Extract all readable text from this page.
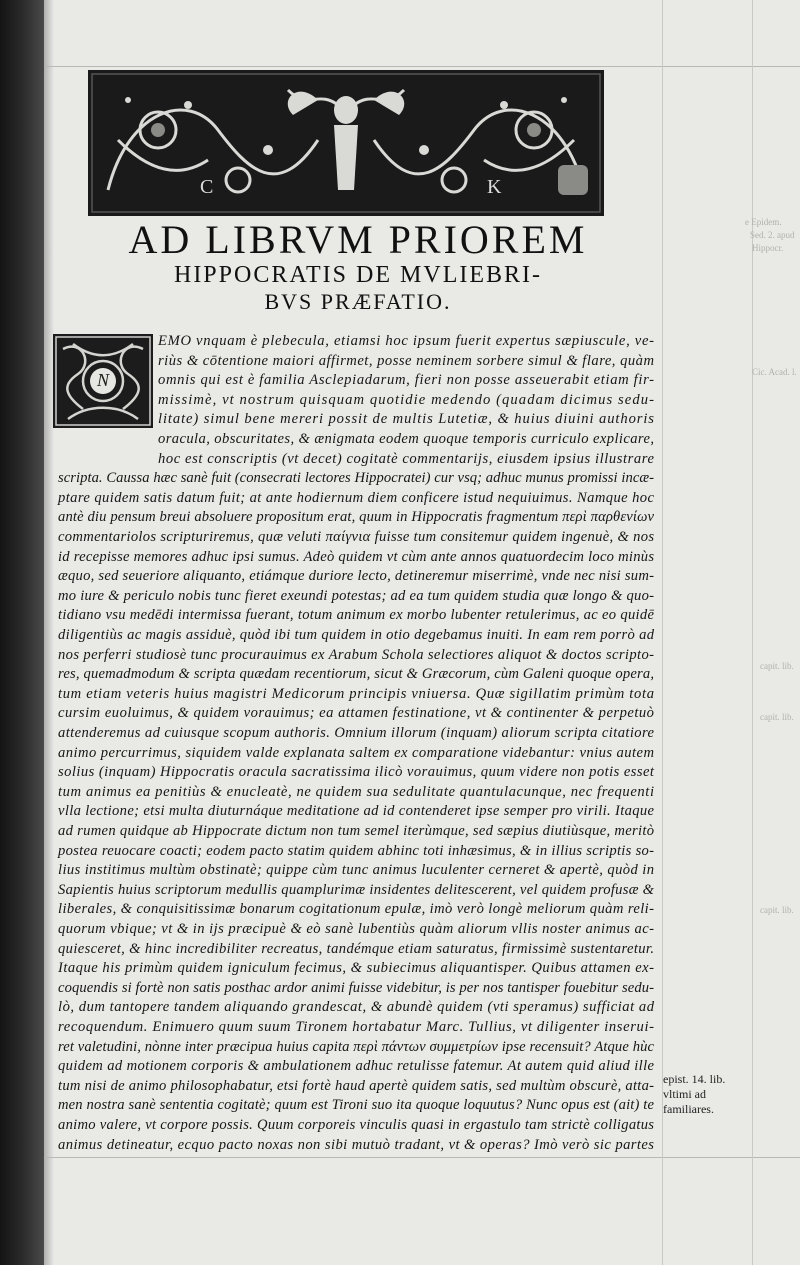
e Epidem.
Sed. 2. apud
Hippocr.
Cic. Acad. l.
capit. lib.
capit. lib.
capit. lib.
C	K
AD LIBRVM PRIOREM
HIPPOCRATIS DE MVLIEBRI-
BVS PRÆFATIO.
N
EMO vnquam è plebecula, etiamsi hoc ipsum fuerit expertus sæpiuscule, ve-
riùs & cōtentione maiori affirmet, posse neminem sorbere simul & flare, quàm
omnis qui est è familia Asclepiadarum, fieri non posse asseuerabit etiam fir-
missimè, vt nostrum quisquam quotidie medendo (quadam dicimus sedu-
litate) simul bene mereri possit de multis Lutetiæ, & huius diuini authoris
oracula, obscuritates, & ænigmata eodem quoque temporis curriculo explicare,
hoc est conscriptis (vt decet) cogitatè commentarijs, eiusdem ipsius illustrare
scripta. Caussa hæc sanè fuit (consecrati lectores Hippocratei) cur vsq; adhuc munus promissi incæ-
ptare quidem satis datum fuit; at ante hodiernum diem conficere istud nequiuimus. Namque hoc
antè diu pensum breui absoluere propositum erat, quum in Hippocratis fragmentum περὶ παρθενίων
commentariolos scripturiremus, quæ veluti παίγνια fuisse tum consitemur quidem ingenuè, & nos
id recepisse memores adhuc ipsi sumus. Adeò quidem vt cùm ante annos quatuordecim loco minùs
æquo, sed seueriore aliquanto, etiámque duriore lecto, detineremur miserrimè, vnde nec nisi sum-
mo iure & periculo nobis tunc fieret exeundi potestas; ad ea tum quidem studia quæ longo & quo-
tidiano vsu medēdi intermissa fuerant, totum animum ex morbo lubenter retulerimus, ac eo quidē
diligentiùs ac magis assiduè, quòd ibi tum quidem in otio degebamus inuiti. In eam rem porrò ad
nos perferri studiosè tunc procurauimus ex Arabum Schola selectiores aliquot & doctos scripto-
res, quemadmodum & scripta quædam recentiorum, sicut & Græcorum, cùm Galeni quoque opera,
tum etiam veteris huius magistri Medicorum principis vniuersa. Quæ sigillatim primùm tota
cursim euoluimus, & quidem vorauimus; ea attamen festinatione, vt & continenter & perpetuò
attenderemus ad cuiusque scopum authoris. Omnium illorum (inquam) aliorum scripta citatiore
animo percurrimus, siquidem valde explanata saltem ex comparatione videbantur: vnius autem
solius (inquam) Hippocratis oracula sacratissima ilicò vorauimus, quum videre non potis esset
tum animus ea penitiùs & enucleatè, ne quidem sua sedulitate quantulacunque, nec frequenti
vlla lectione; etsi multa diuturnáque meditatione ad id contenderet ipse semper pro virili. Itaque
ad rumen quidque ab Hippocrate dictum non tum semel iterùmque, sed sæpius diutiùsque, meritò
postea reuocare coacti; eodem pacto statim quidem abhinc toti inhæsimus, & in illius scriptis so-
lius institimus multùm obstinatè; quippe cùm tunc animus luculenter cerneret & apertè, quòd in
Sapientis huius scriptorum medullis quamplurimæ insidentes delitescerent, vel quidem profusæ &
liberales, & conquisitissimæ bonarum cogitationum epulæ, imò verò longè meliorum quàm reli-
quorum vbique; vt & in ijs præcipuè & eò sanè lubentiùs quàm aliorum vllis noster animus ac-
quiesceret, & hinc incredibiliter recreatus, tandémque etiam saturatus, firmissimè sustentaretur.
Itaque his primùm quidem igniculum fecimus, & subiecimus aliquantisper. Quibus attamen ex-
coquendis si fortè non satis posthac ardor animi fuisse videbitur, is per nos tantisper fouebitur sedu-
lò, dum tantopere tandem aliquando grandescat, & abundè quidem (vti speramus) sufficiat ad
recoquendum. Enimuero quum suum Tironem hortabatur Marc. Tullius, vt diligenter inserui-
ret valetudini, nònne inter præcipua huius capita περὶ πάντων συμμετρίων ipse recensuit? Atque hùc
quidem ad motionem corporis & ambulationem adhuc retulisse fatemur. At autem quid aliud ille
tum nisi de animo philosophabatur, etsi fortè haud apertè quidem satis, sed multùm obscurè, atta-
men nostra sanè sententia cogitatè; quum est Tironi suo ita quoque loquutus? Nunc opus est (ait) te
animo valere, vt corpore possis. Quum corporeis vinculis quasi in ergastulo tam strictè colligatus
animus detineatur, ecquo pacto noxas non sibi mutuò tradant, vt & operas? Imò verò sic partes
epist. 14. lib.
vltimi ad
familiares.
